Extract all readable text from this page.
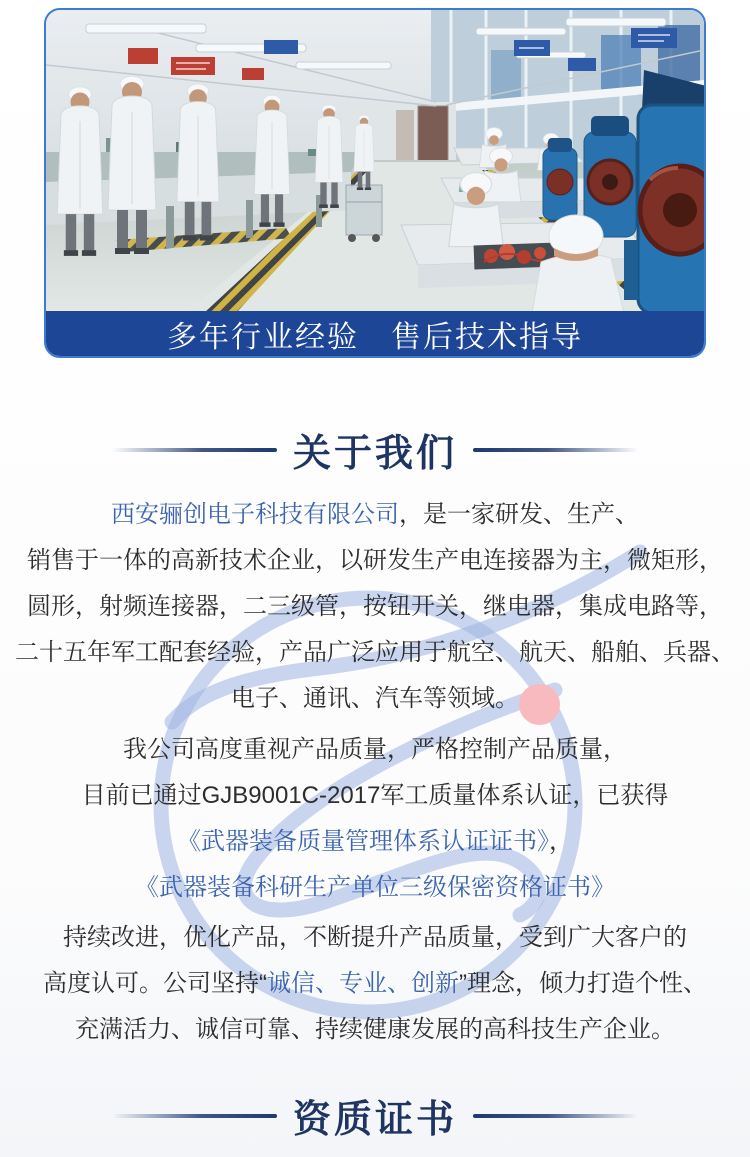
多年行业经验　售后技术指导
关于我们

西安骊创电子科技有限公司，是一家研发、生产、
销售于一体的高新技术企业，以研发生产电连接器为主，微矩形，
圆形，射频连接器，二三级管，按钮开关，继电器，集成电路等，
二十五年军工配套经验，产品广泛应用于航空、航天、船舶、兵器、
电子、通讯、汽车等领域。

我公司高度重视产品质量，严格控制产品质量，
目前已通过GJB9001C-2017军工质量体系认证，已获得
《武器装备质量管理体系认证证书》，
《武器装备科研生产单位三级保密资格证书》

持续改进，优化产品，不断提升产品质量，受到广大客户的
高度认可。公司坚持“诚信、专业、创新”理念，倾力打造个性、
充满活力、诚信可靠、持续健康发展的高科技生产企业。

资质证书
